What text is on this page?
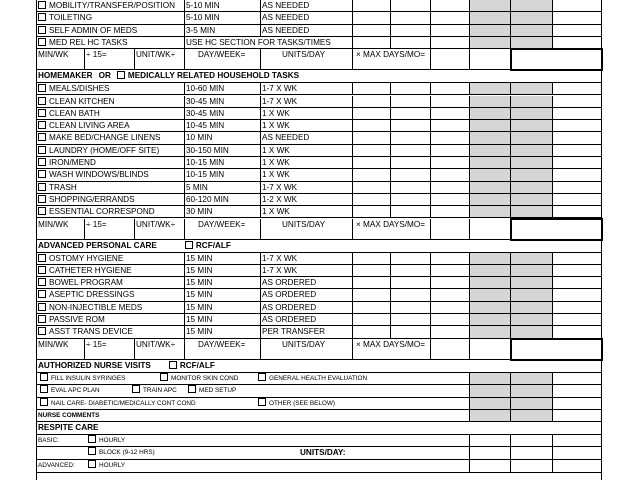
MOBILITY/TRANSFER/POSITION	5-10 MIN	AS NEEDED
TOILETING	5-10 MIN	AS NEEDED
SELF ADMIN OF MEDS	3-5 MIN	AS NEEDED
MED REL HC TASKS	USE HC SECTION FOR TASKS/TIMES
MIN/WK	÷ 15=	UNIT/WK÷	DAY/WEEK=	UNITS/DAY	× MAX DAYS/MO=
HOMEMAKER OR MEDICALLY RELATED HOUSEHOLD TASKS
MEALS/DISHES	10-60 MIN	1-7 X WK
CLEAN KITCHEN	30-45 MIN	1-7 X WK
CLEAN BATH	30-45 MIN	1 X WK
CLEAN LIVING AREA	10-45 MIN	1 X WK
MAKE BED/CHANGE LINENS	10 MIN	AS NEEDED
LAUNDRY (HOME/OFF SITE)	30-150 MIN	1 X WK
IRON/MEND	10-15 MIN	1 X WK
WASH WINDOWS/BLINDS	10-15 MIN	1 X WK
TRASH	5 MIN	1-7 X WK
SHOPPING/ERRANDS	60-120 MIN	1-2 X WK
ESSENTIAL CORRESPOND	30 MIN	1 X WK
MIN/WK	÷ 15=	UNIT/WK÷	DAY/WEEK=	UNITS/DAY	× MAX DAYS/MO=
ADVANCED PERSONAL CARE	RCF/ALF
OSTOMY HYGIENE	15 MIN	1-7 X WK
CATHETER HYGIENE	15 MIN	1-7 X WK
BOWEL PROGRAM	15 MIN	AS ORDERED
ASEPTIC DRESSINGS	15 MIN	AS ORDERED
NON-INJECTIBLE MEDS	15 MIN	AS ORDERED
PASSIVE ROM	15 MIN	AS ORDERED
ASST TRANS DEVICE	15 MIN	PER TRANSFER
MIN/WK	÷ 15=	UNIT/WK÷	DAY/WEEK=	UNITS/DAY	× MAX DAYS/MO=
AUTHORIZED NURSE VISITS	RCF/ALF
FILL INSULIN SYRINGES	MONITOR SKIN COND	GENERAL HEALTH EVALUATION
EVAL APC PLAN	TRAIN APC	MED SETUP
NAIL CARE- DIABETIC/MEDICALLY CONT COND	OTHER (SEE BELOW)
NURSE COMMENTS
RESPITE CARE
BASIC:	HOURLY
BLOCK (9-12 HRS)	UNITS/DAY:
ADVANCED:	HOURLY
